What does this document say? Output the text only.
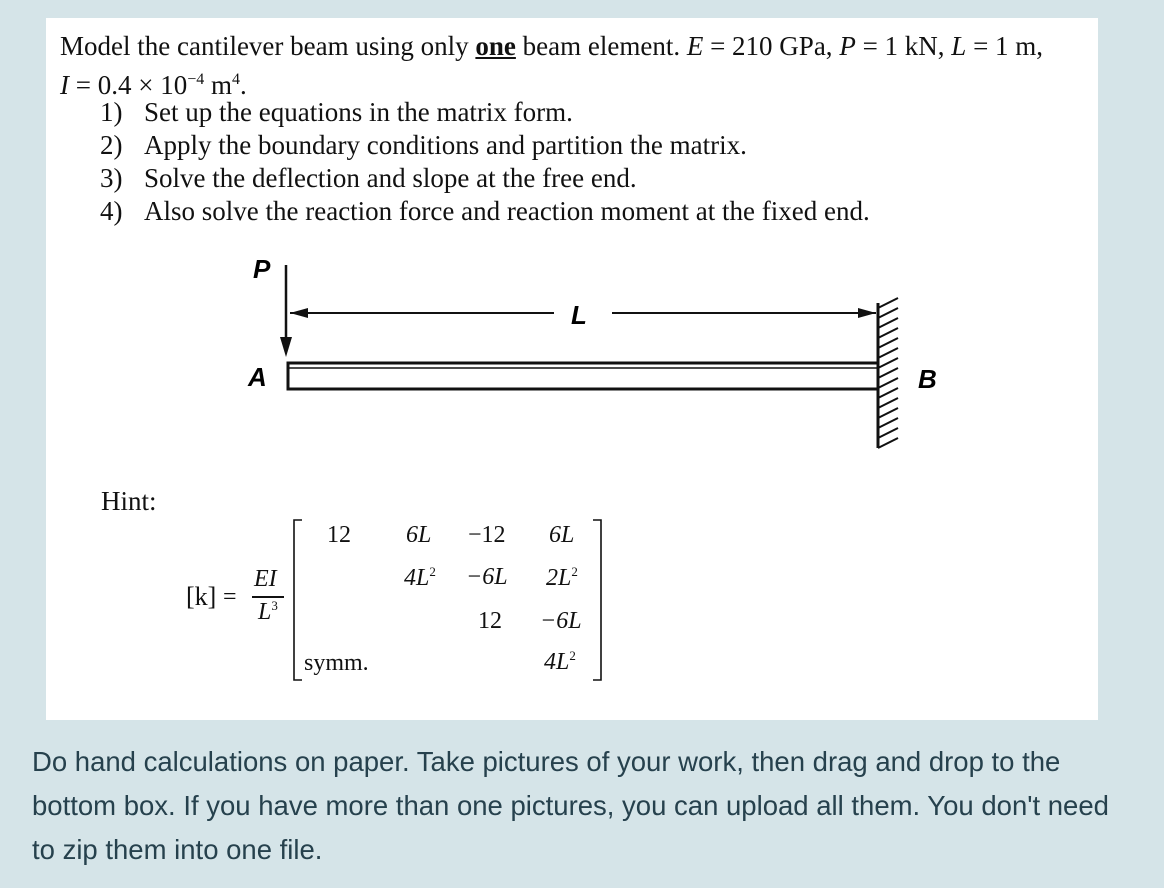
Model the cantilever beam using only one beam element. E = 210 GPa, P = 1 kN, L = 1 m,
$I = 0.4 \times 10^{-4}$ $m^4$.
1) Set up the equations in the matrix form.
2) Apply the boundary conditions and partition the matrix.
3) Solve the deflection and slope at the free end.
4) Also solve the reaction force and reaction moment at the fixed end.
P
L
A	B
Hint:
[k] =
EI
$L^3$
12 6L −12 6L
$4L^2 -6L$ $2L^2$
12 −6L
symm.	$4L^2$
Do hand calculations on paper. Take pictures of your work, then drag and drop to the bottom box. If you have more than one pictures, you can upload all them. You don't need to zip them into one file.
